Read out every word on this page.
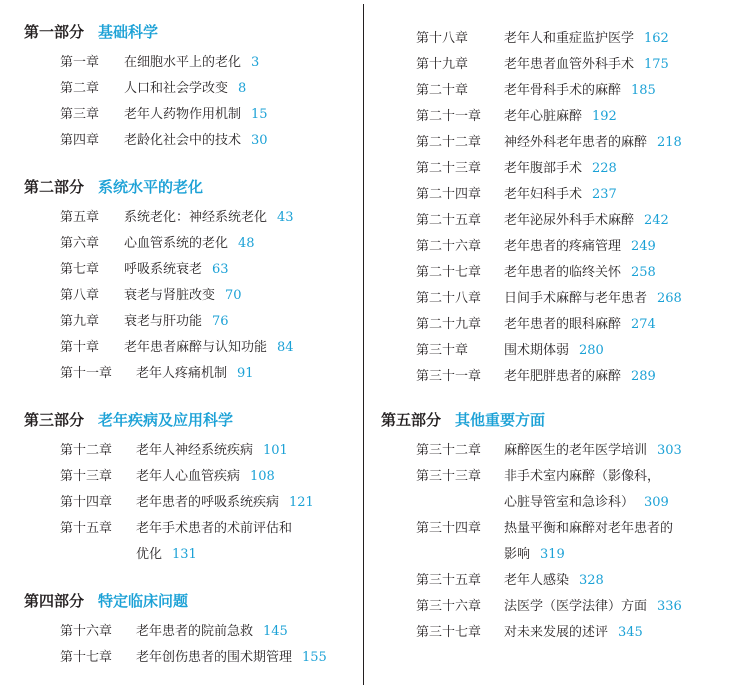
第一部分 基础科学
第一章 在细胞水平上的老化 3
第二章 人口和社会学改变 8
第三章 老年人药物作用机制 15
第四章 老龄化社会中的技术 30
第二部分 系统水平的老化
第五章 系统老化：神经系统老化 43
第六章 心血管系统的老化 48
第七章 呼吸系统衰老 63
第八章 衰老与肾脏改变 70
第九章 衰老与肝功能 76
第十章 老年患者麻醉与认知功能 84
第十一章 老年人疼痛机制 91
第三部分 老年疾病及应用科学
第十二章 老年人神经系统疾病 101
第十三章 老年人心血管疾病 108
第十四章 老年患者的呼吸系统疾病 121
第十五章 老年手术患者的术前评估和
优化 131
第四部分 特定临床问题
第十六章 老年患者的院前急救 145
第十七章 老年创伤患者的围术期管理 155
第十八章	老年人和重症监护医学 162
第十九章	老年患者血管外科手术 175
第二十章	老年骨科手术的麻醉 185
第二十一章 老年心脏麻醉 192
第二十二章 神经外科老年患者的麻醉 218
第二十三章 老年腹部手术 228
第二十四章 老年妇科手术 237
第二十五章 老年泌尿外科手术麻醉 242
第二十六章 老年患者的疼痛管理 249
第二十七章 老年患者的临终关怀 258
第二十八章 日间手术麻醉与老年患者 268
第二十九章 老年患者的眼科麻醉 274
第三十章	围术期体弱 280
第三十一章 老年肥胖患者的麻醉 289
第五部分 其他重要方面
第三十二章 麻醉医生的老年医学培训 303
第三十三章 非手术室内麻醉（影像科，
心脏导管室和急诊科） 309
第三十四章 热量平衡和麻醉对老年患者的
影响 319
第三十五章 老年人感染 328
第三十六章 法医学（医学法律）方面 336
第三十七章 对未来发展的述评 345
